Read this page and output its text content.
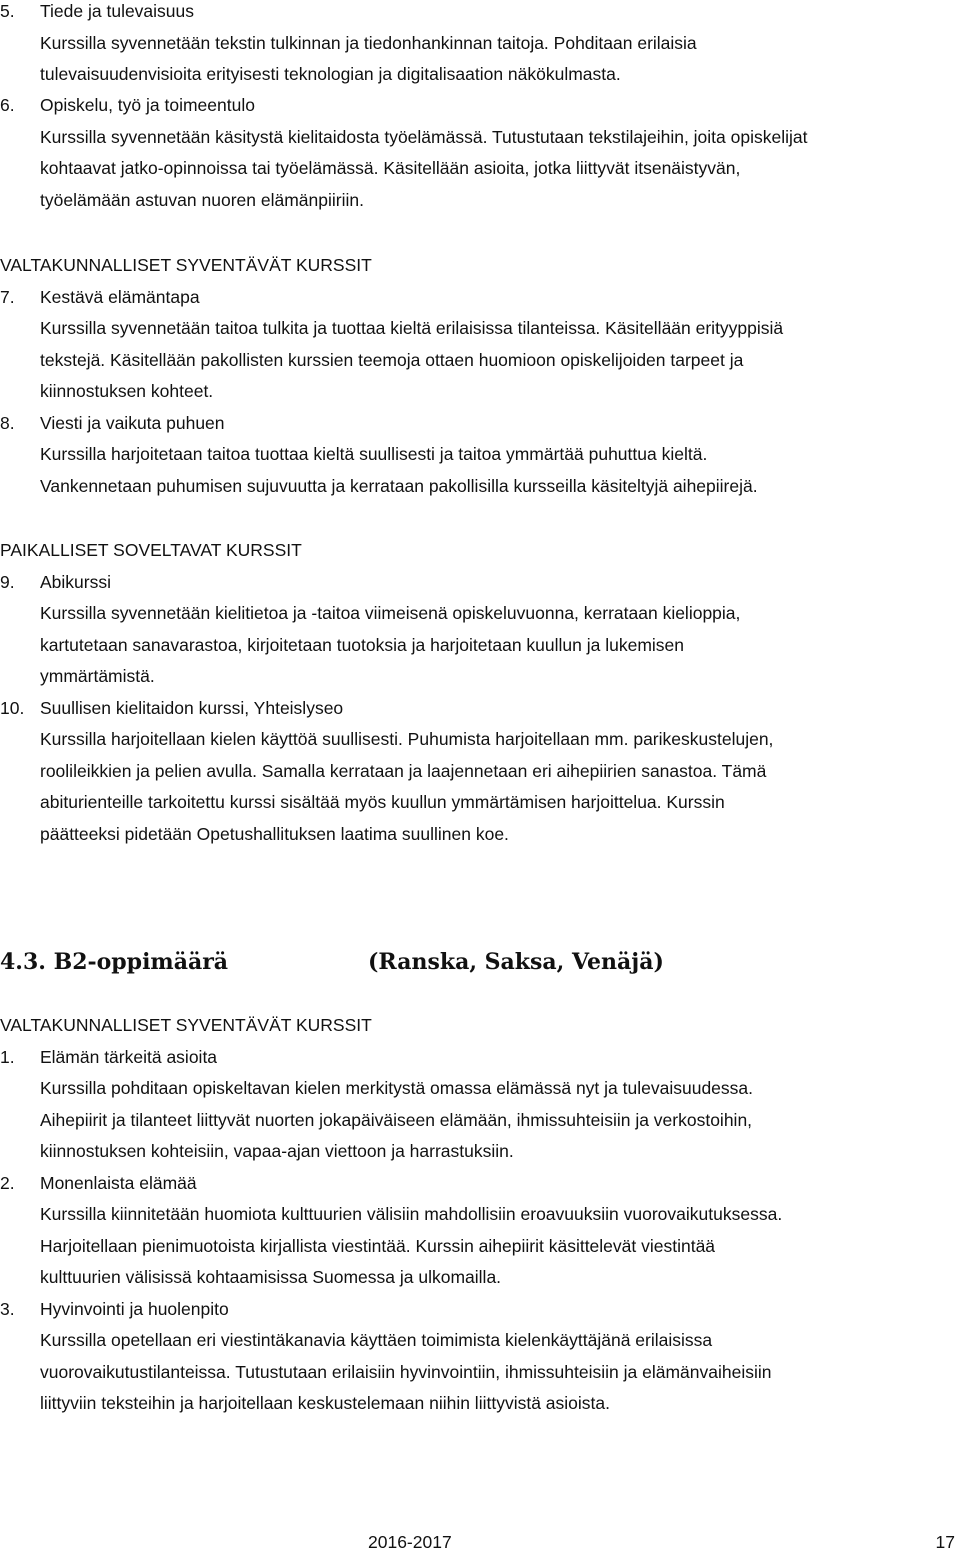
5.	Tiede ja tulevaisuus
Kurssilla syvennetään tekstin tulkinnan ja tiedonhankinnan taitoja. Pohditaan erilaisia
tulevaisuudenvisioita erityisesti teknologian ja digitalisaation näkökulmasta.
6.	Opiskelu, työ ja toimeentulo
Kurssilla syvennetään käsitystä kielitaidosta työelämässä. Tutustutaan tekstilajeihin, joita opiskelijat
kohtaavat jatko-opinnoissa tai työelämässä. Käsitellään asioita, jotka liittyvät itsenäistyvän,
työelämään astuvan nuoren elämänpiiriin.
VALTAKUNNALLISET SYVENTÄVÄT KURSSIT
7.	Kestävä elämäntapa
Kurssilla syvennetään taitoa tulkita ja tuottaa kieltä erilaisissa tilanteissa. Käsitellään erityyppisiä
tekstejä. Käsitellään pakollisten kurssien teemoja ottaen huomioon opiskelijoiden tarpeet ja
kiinnostuksen kohteet.
8.	Viesti ja vaikuta puhuen
Kurssilla harjoitetaan taitoa tuottaa kieltä suullisesti ja taitoa ymmärtää puhuttua kieltä.
Vankennetaan puhumisen sujuvuutta ja kerrataan pakollisilla kursseilla käsiteltyjä aihepiirejä.
PAIKALLISET SOVELTAVAT KURSSIT
9.	Abikurssi
Kurssilla syvennetään kielitietoa ja -taitoa viimeisenä opiskeluvuonna, kerrataan kielioppia,
kartutetaan sanavarastoa, kirjoitetaan tuotoksia ja harjoitetaan kuullun ja lukemisen
ymmärtämistä.
10. Suullisen kielitaidon kurssi, Yhteislyseo
Kurssilla harjoitellaan kielen käyttöä suullisesti. Puhumista harjoitellaan mm. parikeskustelujen,
roolileikkien ja pelien avulla. Samalla kerrataan ja laajennetaan eri aihepiirien sanastoa. Tämä
abiturienteille tarkoitettu kurssi sisältää myös kuullun ymmärtämisen harjoittelua. Kurssin
päätteeksi pidetään Opetushallituksen laatima suullinen koe.
4.3. B2-oppimäärä	(Ranska, Saksa, Venäjä)
VALTAKUNNALLISET SYVENTÄVÄT KURSSIT
1.	Elämän tärkeitä asioita
Kurssilla pohditaan opiskeltavan kielen merkitystä omassa elämässä nyt ja tulevaisuudessa.
Aihepiirit ja tilanteet liittyvät nuorten jokapäiväiseen elämään, ihmissuhteisiin ja verkostoihin,
kiinnostuksen kohteisiin, vapaa-ajan viettoon ja harrastuksiin.
2.	Monenlaista elämää
Kurssilla kiinnitetään huomiota kulttuurien välisiin mahdollisiin eroavuuksiin vuorovaikutuksessa.
Harjoitellaan pienimuotoista kirjallista viestintää. Kurssin aihepiirit käsittelevät viestintää
kulttuurien välisissä kohtaamisissa Suomessa ja ulkomailla.
3.	Hyvinvointi ja huolenpito
Kurssilla opetellaan eri viestintäkanavia käyttäen toimimista kielenkäyttäjänä erilaisissa
vuorovaikutustilanteissa. Tutustutaan erilaisiin hyvinvointiin, ihmissuhteisiin ja elämänvaiheisiin
liittyviin teksteihin ja harjoitellaan keskustelemaan niihin liittyvistä asioista.
2016-2017	17
